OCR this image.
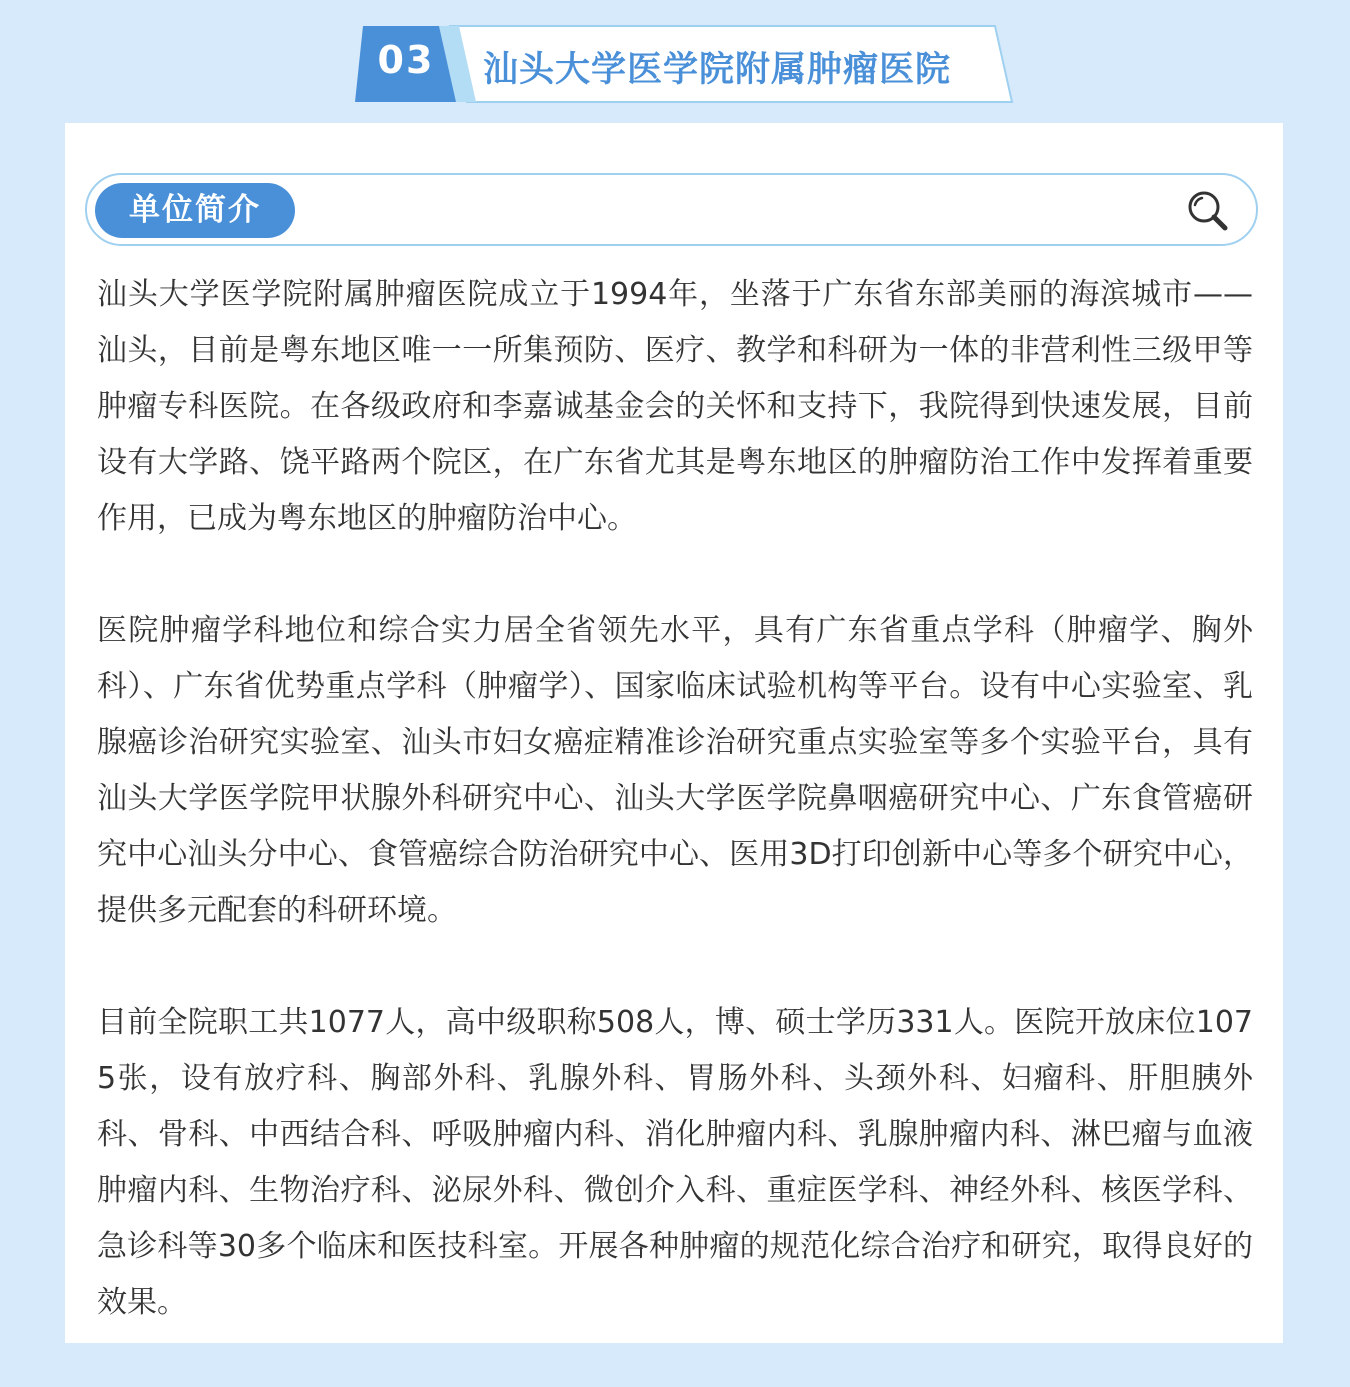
03	汕头大学医学院附属肿瘤医院
单位简介

汕头大学医学院附属肿瘤医院成立于1994年，坐落于广东省东部美丽的海滨城市——汕头，目前是粤东地区唯一一所集预防、医疗、教学和科研为一体的非营利性三级甲等肿瘤专科医院。在各级政府和李嘉诚基金会的关怀和支持下，我院得到快速发展，目前设有大学路、饶平路两个院区，在广东省尤其是粤东地区的肿瘤防治工作中发挥着重要作用，已成为粤东地区的肿瘤防治中心。

医院肿瘤学科地位和综合实力居全省领先水平，具有广东省重点学科（肿瘤学、胸外科）、广东省优势重点学科（肿瘤学）、国家临床试验机构等平台。设有中心实验室、乳腺癌诊治研究实验室、汕头市妇女癌症精准诊治研究重点实验室等多个实验平台，具有汕头大学医学院甲状腺外科研究中心、汕头大学医学院鼻咽癌研究中心、广东食管癌研究中心汕头分中心、食管癌综合防治研究中心、医用3D打印创新中心等多个研究中心，提供多元配套的科研环境。

目前全院职工共1077人，高中级职称508人，博、硕士学历331人。医院开放床位1075张，设有放疗科、胸部外科、乳腺外科、胃肠外科、头颈外科、妇瘤科、肝胆胰外科、骨科、中西结合科、呼吸肿瘤内科、消化肿瘤内科、乳腺肿瘤内科、淋巴瘤与血液肿瘤内科、生物治疗科、泌尿外科、微创介入科、重症医学科、神经外科、核医学科、急诊科等30多个临床和医技科室。开展各种肿瘤的规范化综合治疗和研究，取得良好的效果。
